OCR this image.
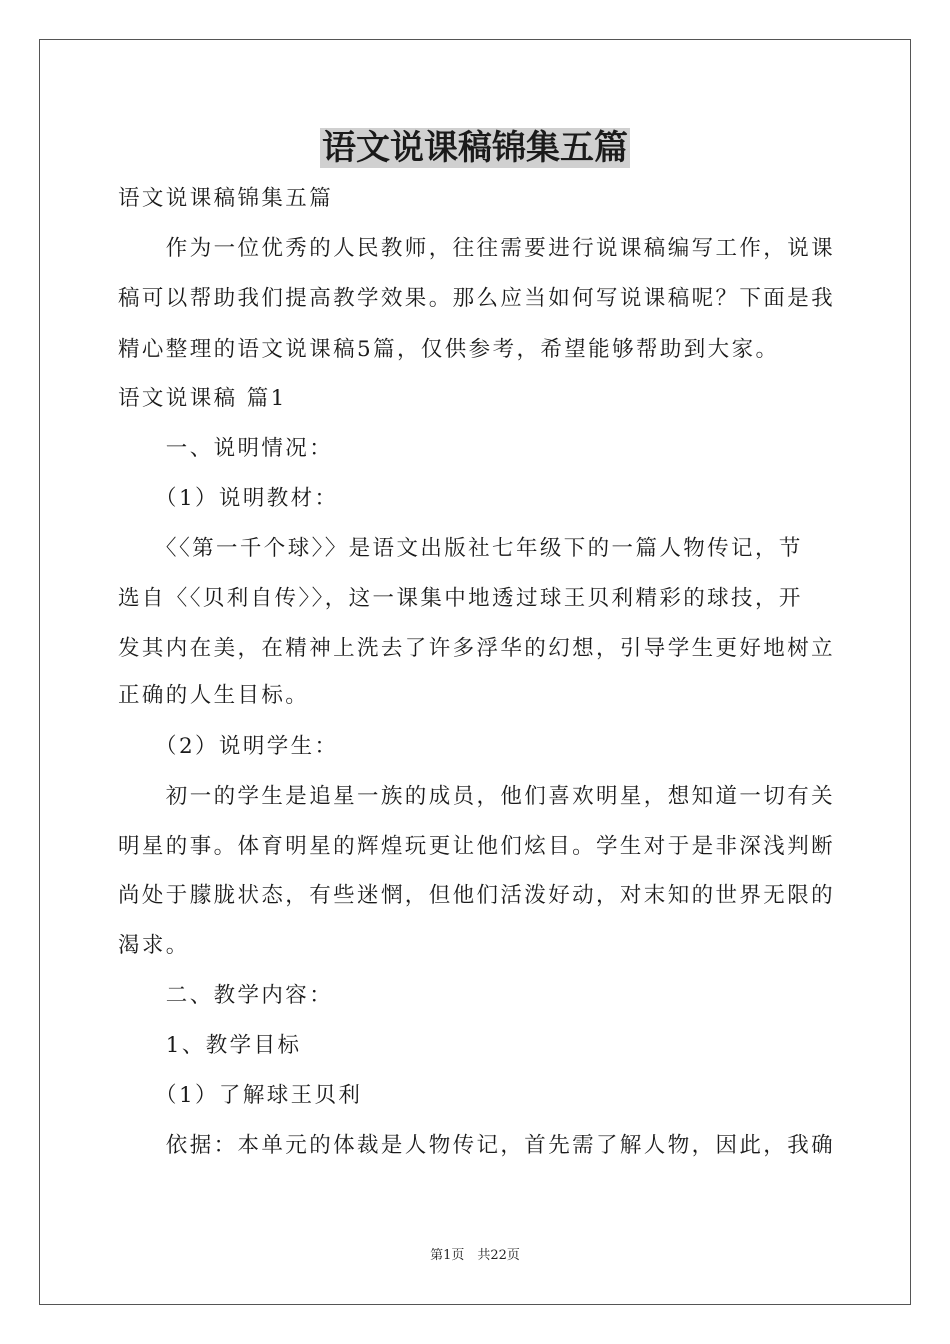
语文说课稿锦集五篇
语文说课稿锦集五篇
　　作为一位优秀的人民教师，往往需要进行说课稿编写工作，说课
稿可以帮助我们提高教学效果。那么应当如何写说课稿呢？下面是我
精心整理的语文说课稿5篇，仅供参考，希望能够帮助到大家。
语文说课稿 篇1
　　一、说明情况：
　　（1）说明教材：
　　〈〈第一千个球〉〉是语文出版社七年级下的一篇人物传记，节
选自〈〈贝利自传〉〉，这一课集中地透过球王贝利精彩的球技，开
发其内在美，在精神上洗去了许多浮华的幻想，引导学生更好地树立
正确的人生目标。
　　（2）说明学生：
　　初一的学生是追星一族的成员，他们喜欢明星，想知道一切有关
明星的事。体育明星的辉煌玩更让他们炫目。学生对于是非深浅判断
尚处于朦胧状态，有些迷惘，但他们活泼好动，对末知的世界无限的
渴求。
　　二、教学内容：
　　1、教学目标
　　（1）了解球王贝利
　　依据：本单元的体裁是人物传记，首先需了解人物，因此，我确
第1页　共22页
